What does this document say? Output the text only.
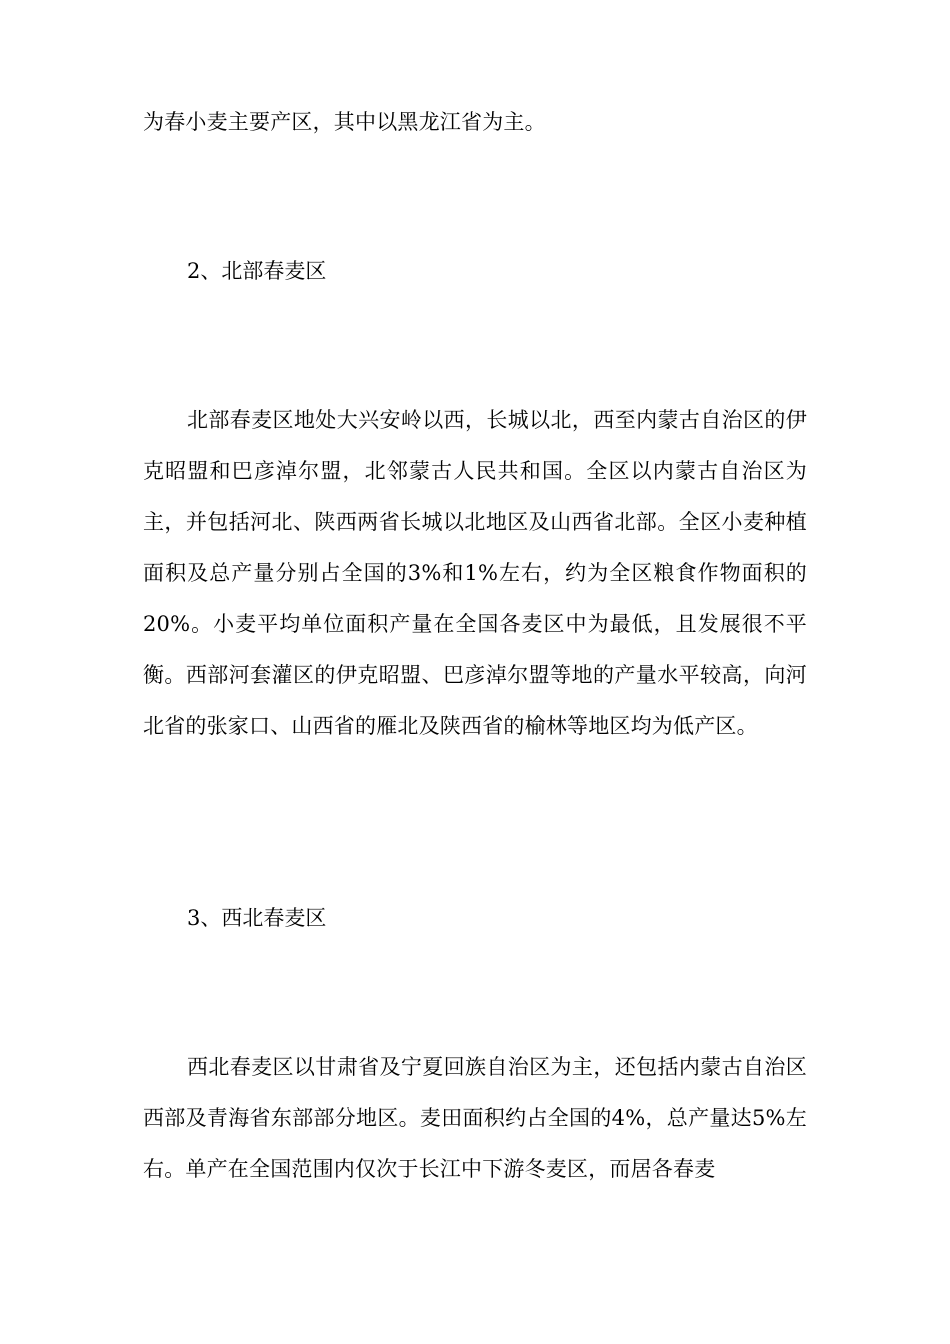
为春小麦主要产区，其中以黑龙江省为主。

2、北部春麦区

北部春麦区地处大兴安岭以西，长城以北，西至内蒙古自治区的伊克昭盟和巴彦淖尔盟，北邻蒙古人民共和国。全区以内蒙古自治区为主，并包括河北、陕西两省长城以北地区及山西省北部。全区小麦种植面积及总产量分别占全国的3%和1%左右，约为全区粮食作物面积的20%。小麦平均单位面积产量在全国各麦区中为最低，且发展很不平衡。西部河套灌区的伊克昭盟、巴彦淖尔盟等地的产量水平较高，向河北省的张家口、山西省的雁北及陕西省的榆林等地区均为低产区。

3、西北春麦区

西北春麦区以甘肃省及宁夏回族自治区为主，还包括内蒙古自治区西部及青海省东部部分地区。麦田面积约占全国的4%，总产量达5%左右。单产在全国范围内仅次于长江中下游冬麦区，而居各春麦
